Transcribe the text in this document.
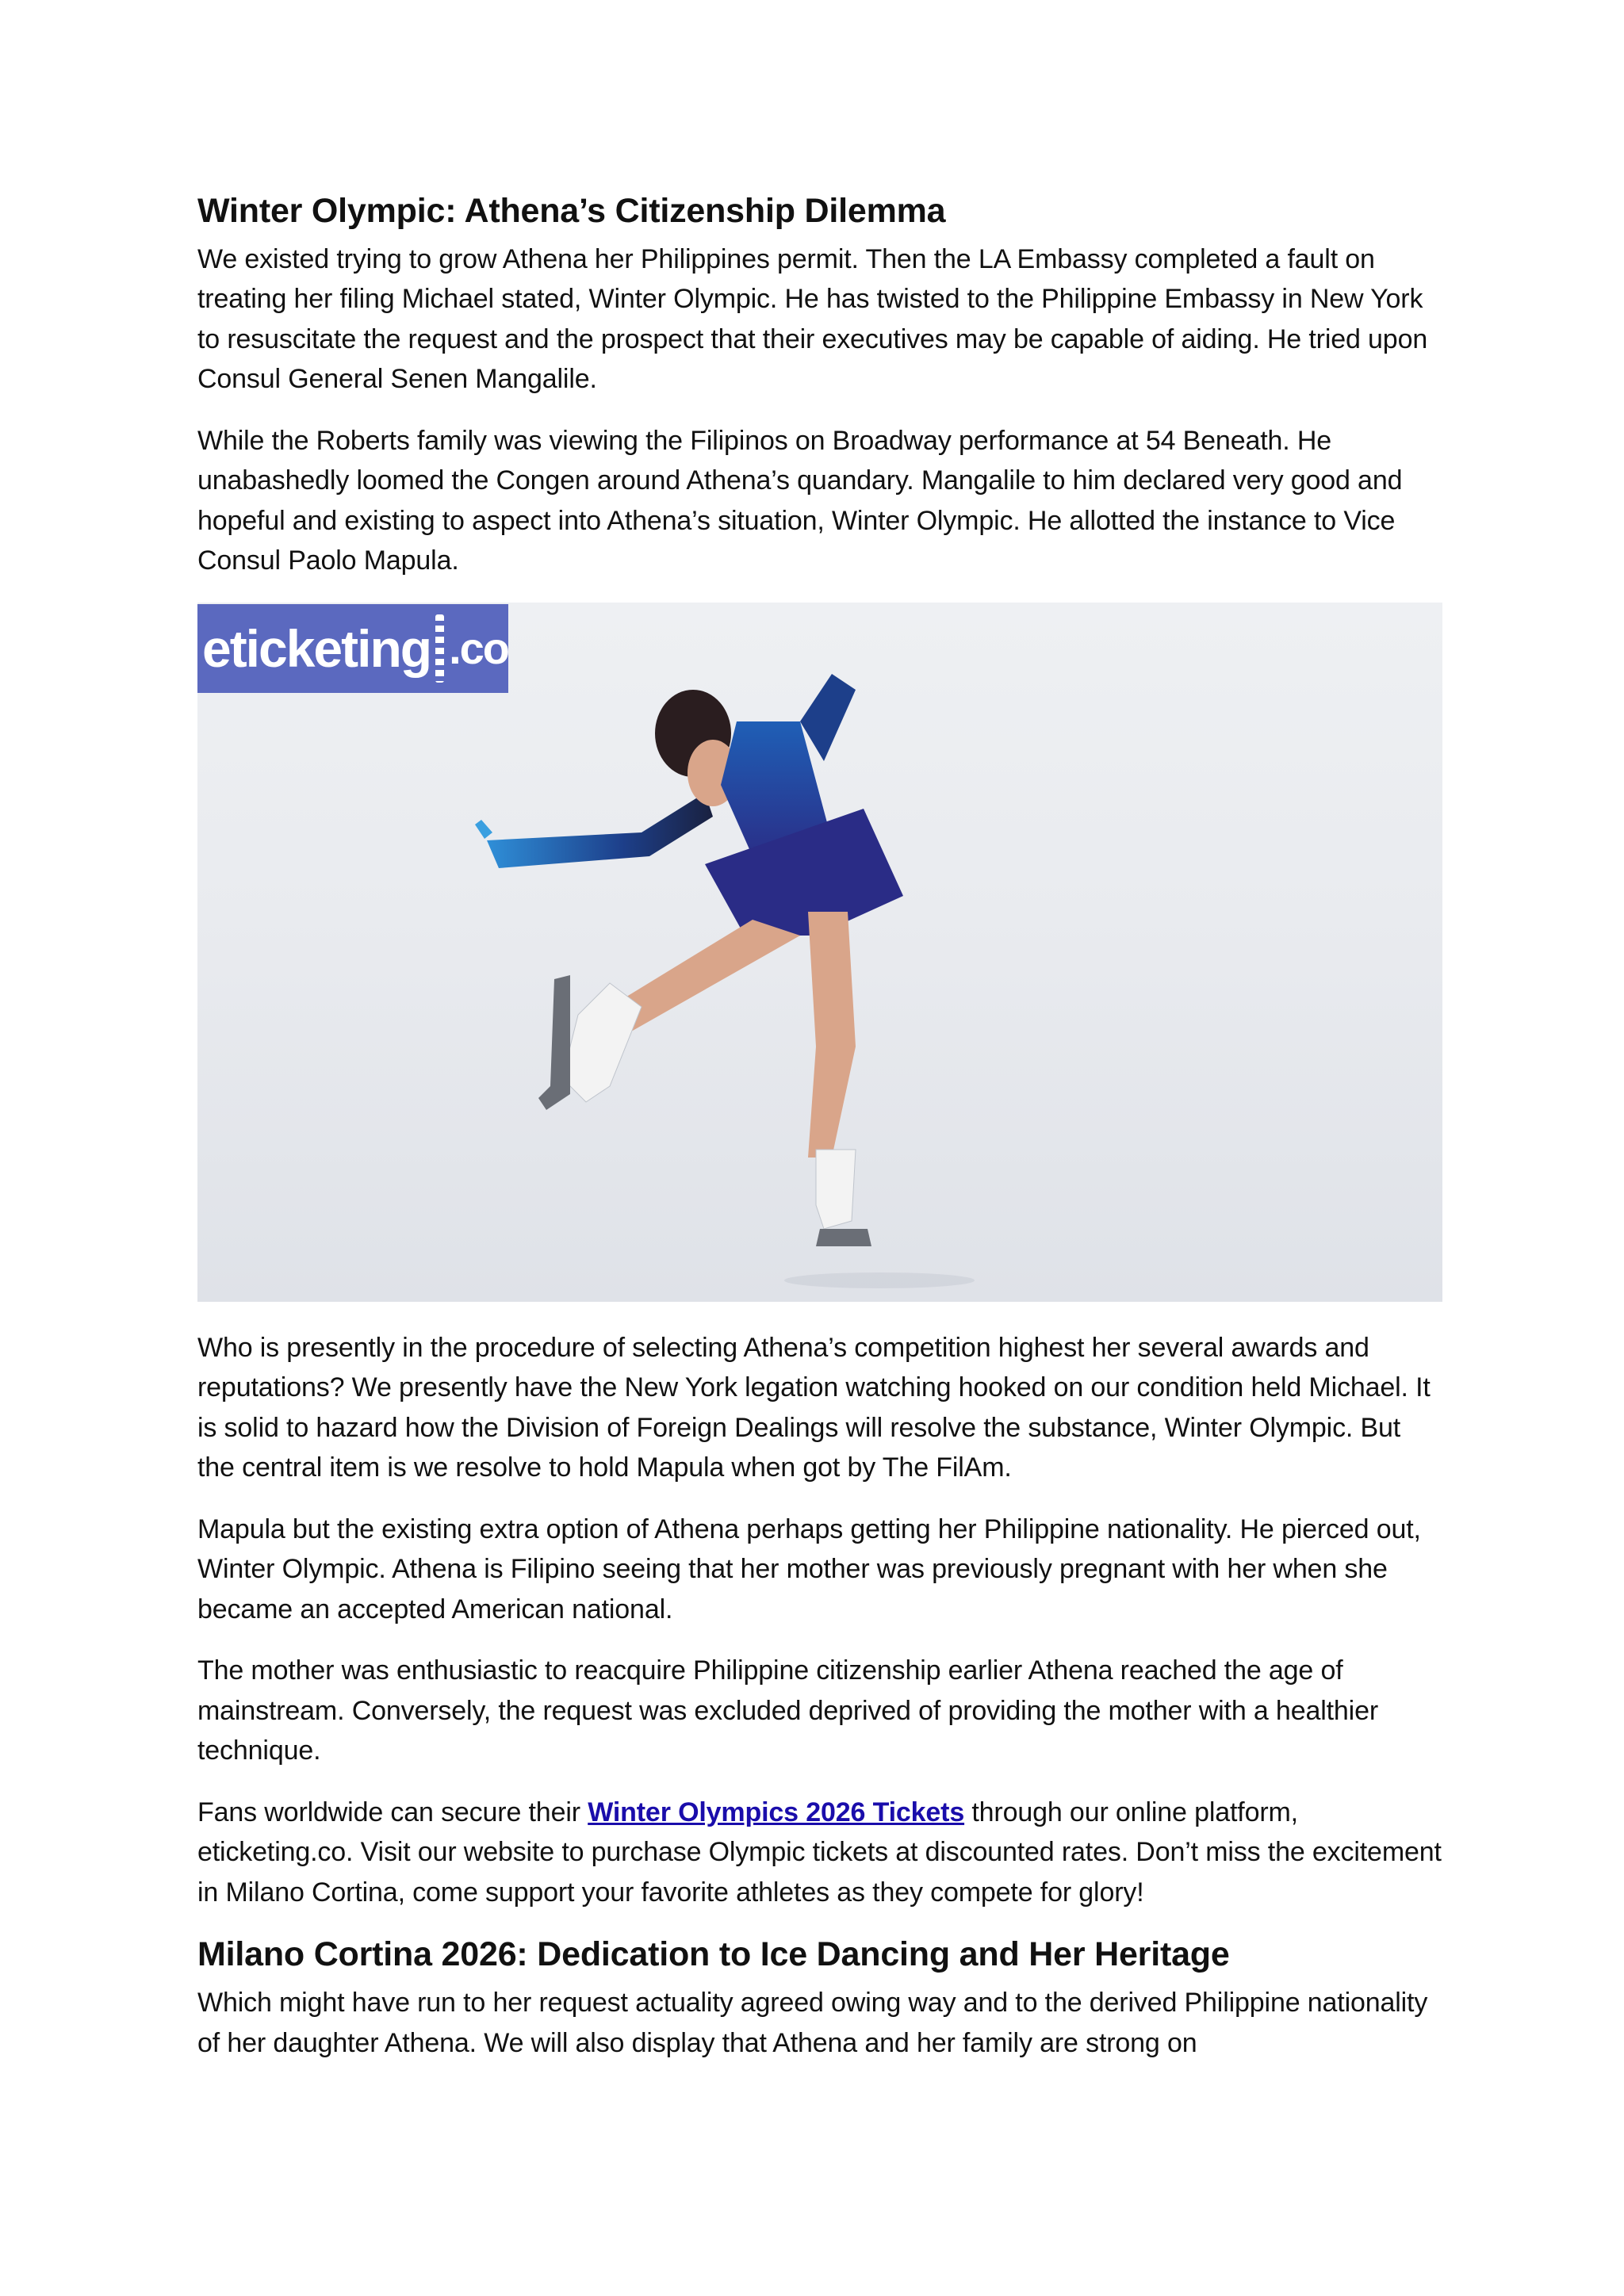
Winter Olympic: Athena’s Citizenship Dilemma

We existed trying to grow Athena her Philippines permit. Then the LA Embassy completed a fault on treating her filing Michael stated, Winter Olympic. He has twisted to the Philippine Embassy in New York to resuscitate the request and the prospect that their executives may be capable of aiding. He tried upon Consul General Senen Mangalile.

While the Roberts family was viewing the Filipinos on Broadway performance at 54 Beneath. He unabashedly loomed the Congen around Athena’s quandary. Mangalile to him declared very good and hopeful and existing to aspect into Athena’s situation, Winter Olympic. He allotted the instance to Vice Consul Paolo Mapula.

eticketing .co

Who is presently in the procedure of selecting Athena’s competition highest her several awards and reputations? We presently have the New York legation watching hooked on our condition held Michael. It is solid to hazard how the Division of Foreign Dealings will resolve the substance, Winter Olympic. But the central item is we resolve to hold Mapula when got by The FilAm.

Mapula but the existing extra option of Athena perhaps getting her Philippine nationality. He pierced out, Winter Olympic. Athena is Filipino seeing that her mother was previously pregnant with her when she became an accepted American national.

The mother was enthusiastic to reacquire Philippine citizenship earlier Athena reached the age of mainstream. Conversely, the request was excluded deprived of providing the mother with a healthier technique.

Fans worldwide can secure their Winter Olympics 2026 Tickets through our online platform, eticketing.co. Visit our website to purchase Olympic tickets at discounted rates. Don’t miss the excitement in Milano Cortina, come support your favorite athletes as they compete for glory!

Milano Cortina 2026: Dedication to Ice Dancing and Her Heritage

Which might have run to her request actuality agreed owing way and to the derived Philippine nationality of her daughter Athena. We will also display that Athena and her family are strong on
